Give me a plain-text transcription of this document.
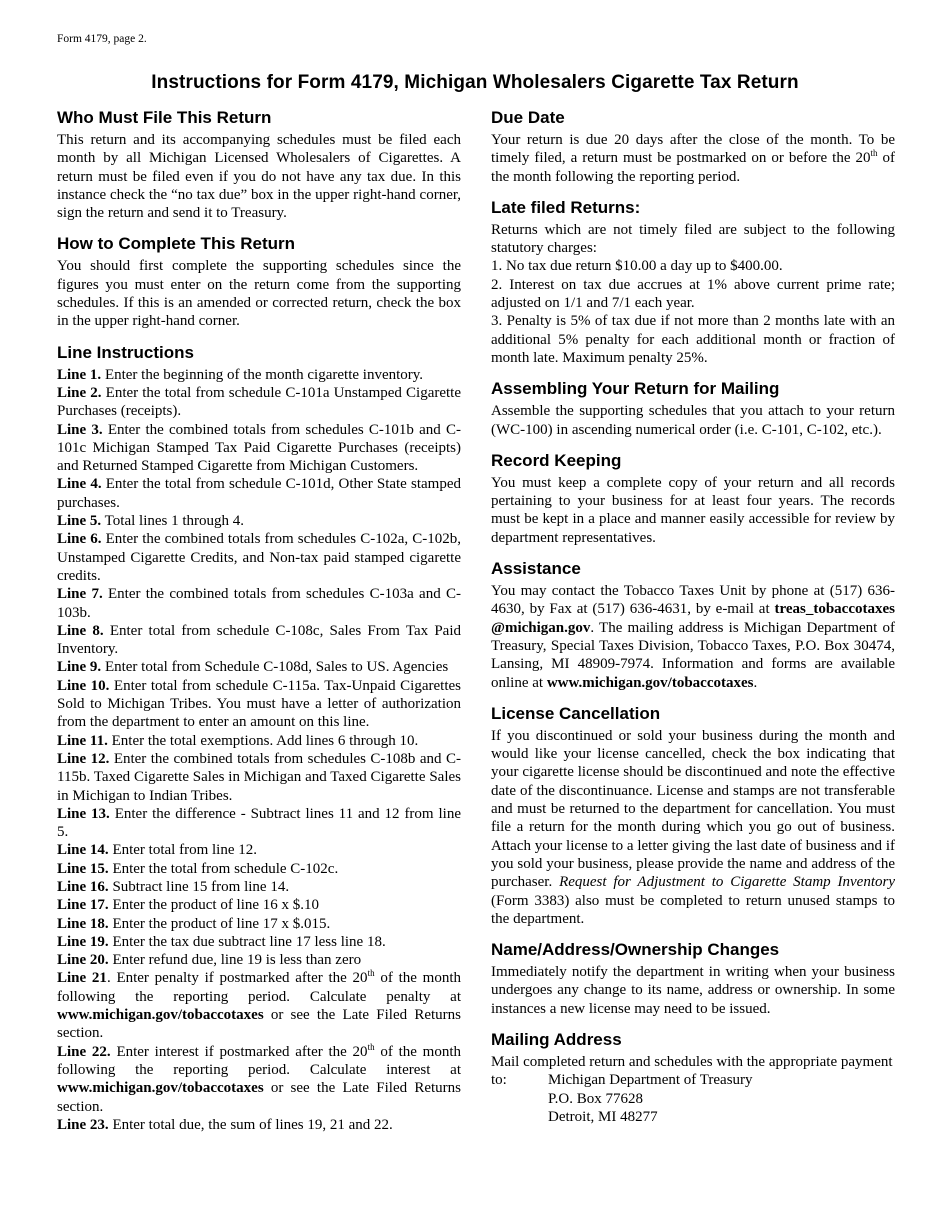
Form 4179, page 2.
Instructions for Form 4179, Michigan Wholesalers Cigarette Tax Return
Who Must File This Return

This return and its accompanying schedules must be filed each month by all Michigan Licensed Wholesalers of Cigarettes. A return must be filed even if you do not have any tax due. In this instance check the “no tax due” box in the upper right-hand corner, sign the return and send it to Treasury.

How to Complete This Return

You should first complete the supporting schedules since the figures you must enter on the return come from the supporting schedules. If this is an amended or corrected return, check the box in the upper right-hand corner.

Line Instructions

Line 1. Enter the beginning of the month cigarette inventory.

Line 2. Enter the total from schedule C-101a Unstamped Cigarette Purchases (receipts).

Line 3. Enter the combined totals from schedules C-101b and C-101c Michigan Stamped Tax Paid Cigarette Purchases (receipts) and Returned Stamped Cigarette from Michigan Customers.

Line 4. Enter the total from schedule C-101d, Other State stamped purchases.

Line 5. Total lines 1 through 4.

Line 6. Enter the combined totals from schedules C-102a, C-102b, Unstamped Cigarette Credits, and Non-tax paid stamped cigarette credits.

Line 7. Enter the combined totals from schedules C-103a and C-103b.

Line 8. Enter total from schedule C-108c, Sales From Tax Paid Inventory.

Line 9. Enter total from Schedule C-108d, Sales to US. Agencies

Line 10. Enter total from schedule C-115a. Tax-Unpaid Cigarettes Sold to Michigan Tribes. You must have a letter of authorization from the department to enter an amount on this line.

Line 11. Enter the total exemptions. Add lines 6 through 10.

Line 12. Enter the combined totals from schedules C-108b and C-115b. Taxed Cigarette Sales in Michigan and Taxed Cigarette Sales in Michigan to Indian Tribes.

Line 13. Enter the difference - Subtract lines 11 and 12 from line 5.

Line 14. Enter total from line 12.

Line 15. Enter the total from schedule C-102c.

Line 16. Subtract line 15 from line 14.

Line 17. Enter the product of line 16 x $.10

Line 18. Enter the product of line 17 x $.015.

Line 19. Enter the tax due subtract line 17 less line 18.

Line 20. Enter refund due, line 19 is less than zero

Line 21. Enter penalty if postmarked after the 20th of the month following the reporting period. Calculate penalty at www.michigan.gov/tobaccotaxes or see the Late Filed Returns section.

Line 22. Enter interest if postmarked after the 20th of the month following the reporting period. Calculate interest at www.michigan.gov/tobaccotaxes or see the Late Filed Returns section.

Line 23. Enter total due, the sum of lines 19, 21 and 22.

Due Date

Your return is due 20 days after the close of the month. To be timely filed, a return must be postmarked on or before the 20th of the month following the reporting period.

Late filed Returns:

Returns which are not timely filed are subject to the following statutory charges:

1. No tax due return $10.00 a day up to $400.00.

2. Interest on tax due accrues at 1% above current prime rate; adjusted on 1/1 and 7/1 each year.

3. Penalty is 5% of tax due if not more than 2 months late with an additional 5% penalty for each additional month or fraction of month late. Maximum penalty 25%.

Assembling Your Return for Mailing

Assemble the supporting schedules that you attach to your return (WC-100) in ascending numerical order (i.e. C-101, C-102, etc.).

Record Keeping

You must keep a complete copy of your return and all records pertaining to your business for at least four years. The records must be kept in a place and manner easily accessible for review by department representatives.

Assistance

You may contact the Tobacco Taxes Unit by phone at (517) 636-4630, by Fax at (517) 636-4631, by e-mail at treas_tobaccotaxes @michigan.gov. The mailing address is Michigan Department of Treasury, Special Taxes Division, Tobacco Taxes, P.O. Box 30474, Lansing, MI 48909-7974. Information and forms are available online at www.michigan.gov/tobaccotaxes.

License Cancellation

If you discontinued or sold your business during the month and would like your license cancelled, check the box indicating that your cigarette license should be discontinued and note the effective date of the discontinuance. License and stamps are not transferable and must be returned to the department for cancellation. You must file a return for the month during which you go out of business. Attach your license to a letter giving the last date of business and if you sold your business, please provide the name and address of the purchaser. Request for Adjustment to Cigarette Stamp Inventory (Form 3383) also must be completed to return unused stamps to the department.

Name/Address/Ownership Changes

Immediately notify the department in writing when your business undergoes any change to its name, address or ownership. In some instances a new license may need to be issued.

Mailing Address

Mail completed return and schedules with the appropriate payment

to:	Michigan Department of Treasury
P.O. Box 77628
Detroit, MI 48277
